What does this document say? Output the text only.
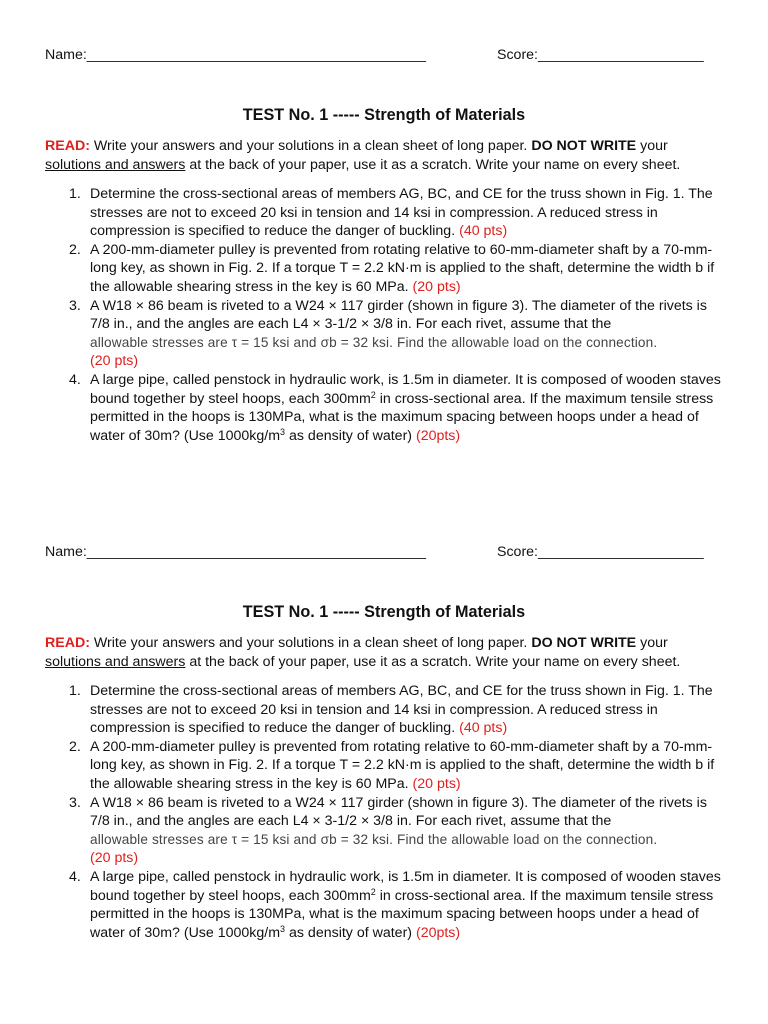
Name:___________________________________________	Score:_____________________
TEST No. 1 ----- Strength of Materials
READ: Write your answers and your solutions in a clean sheet of long paper. DO NOT WRITE your
solutions and answers at the back of your paper, use it as a scratch. Write your name on every sheet.
1. Determine the cross-sectional areas of members AG, BC, and CE for the truss shown in Fig. 1. The stresses are not to exceed 20 ksi in tension and 14 ksi in compression. A reduced stress in compression is specified to reduce the danger of buckling. (40 pts)
2. A 200-mm-diameter pulley is prevented from rotating relative to 60-mm-diameter shaft by a 70-mm-long key, as shown in Fig. 2. If a torque T = 2.2 kN·m is applied to the shaft, determine the width b if the allowable shearing stress in the key is 60 MPa. (20 pts)
3. A W18 × 86 beam is riveted to a W24 × 117 girder (shown in figure 3). The diameter of the rivets is 7/8 in., and the angles are each L4 × 3-1/2 × 3/8 in. For each rivet, assume that the
allowable stresses are τ = 15 ksi and σb = 32 ksi. Find the allowable load on the connection.
(20 pts)
4. A large pipe, called penstock in hydraulic work, is 1.5m in diameter. It is composed of wooden staves bound together by steel hoops, each $300mm^2$ in cross-sectional area. If the maximum tensile stress permitted in the hoops is 130MPa, what is the maximum spacing between hoops under a head of water of 30m? (Use $1000kg/m^3$ as density of water) (20pts)
Name:___________________________________________	Score:_____________________
TEST No. 1 ----- Strength of Materials
READ: Write your answers and your solutions in a clean sheet of long paper. DO NOT WRITE your
solutions and answers at the back of your paper, use it as a scratch. Write your name on every sheet.
1. Determine the cross-sectional areas of members AG, BC, and CE for the truss shown in Fig. 1. The stresses are not to exceed 20 ksi in tension and 14 ksi in compression. A reduced stress in compression is specified to reduce the danger of buckling. (40 pts)
2. A 200-mm-diameter pulley is prevented from rotating relative to 60-mm-diameter shaft by a 70-mm-long key, as shown in Fig. 2. If a torque T = 2.2 kN·m is applied to the shaft, determine the width b if the allowable shearing stress in the key is 60 MPa. (20 pts)
3. A W18 × 86 beam is riveted to a W24 × 117 girder (shown in figure 3). The diameter of the rivets is 7/8 in., and the angles are each L4 × 3-1/2 × 3/8 in. For each rivet, assume that the
allowable stresses are τ = 15 ksi and σb = 32 ksi. Find the allowable load on the connection.
(20 pts)
4. A large pipe, called penstock in hydraulic work, is 1.5m in diameter. It is composed of wooden staves bound together by steel hoops, each $300mm^2$ in cross-sectional area. If the maximum tensile stress permitted in the hoops is 130MPa, what is the maximum spacing between hoops under a head of water of 30m? (Use $1000kg/m^3$ as density of water) (20pts)
